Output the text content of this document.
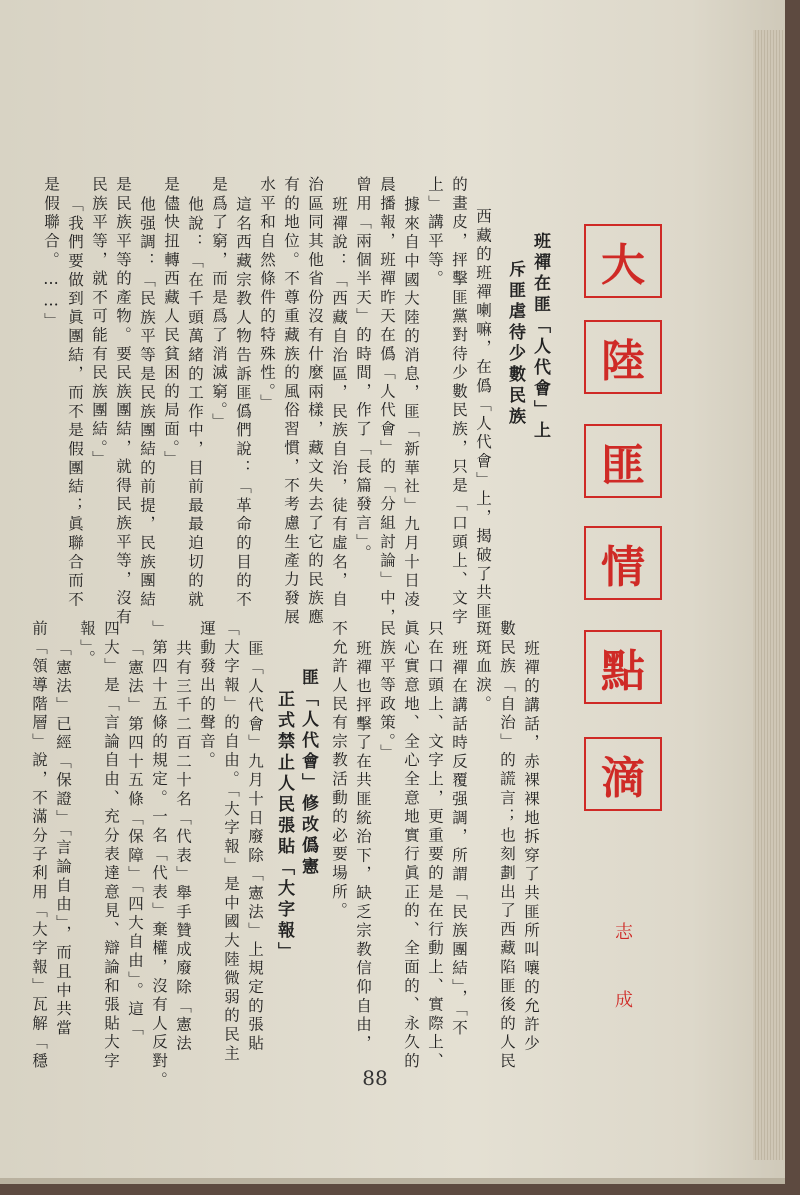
大
陸
匪
情
點
滴
志
成
班禪在匪「人代會」上
斥匪虐待少數民族
西藏的班禪喇嘛，在僞「人代會」上，揭破了共匪
的畫皮，抨擊匪黨對待少數民族，只是「口頭上、文字
上」講平等。
據來自中國大陸的消息，匪「新華社」九月十日凌
晨播報，班禪昨天在僞「人代會」的「分組討論」中，
曾用「兩個半天」的時間，作了「長篇發言」。
班禪說：「西藏自治區，民族自治，徒有虛名，自
治區同其他省份沒有什麼兩樣，藏文失去了它的民族應
有的地位。不尊重藏族的風俗習慣，不考慮生產力發展
水平和自然條件的特殊性。」
這名西藏宗教人物告訴匪僞們說：「革命的目的不
是爲了窮，而是爲了消滅窮。」
他說：「在千頭萬緒的工作中，目前最最迫切的就
是儘快扭轉西藏人民貧困的局面。」
他强調：「民族平等是民族團結的前提，民族團結
是民族平等的產物。要民族團結，就得民族平等，沒有
民族平等，就不可能有民族團結。」
「我們要做到眞團結，而不是假團結；眞聯合而不
是假聯合。……」
班禪的講話，赤裸裸地拆穿了共匪所叫嚷的允許少
數民族「自治」的謊言；也刻劃出了西藏陷匪後的人民
斑斑血淚。
班禪在講話時反覆强調，所謂「民族團結」，「不
只在口頭上、文字上，更重要的是在行動上、實際上、
眞心實意地、全心全意地實行眞正的、全面的、永久的
民族平等政策。」
班禪也抨擊了在共匪統治下，缺乏宗教信仰自由，
不允許人民有宗教活動的必要場所。
匪「人代會」修改僞憲
正式禁止人民張貼「大字報」
匪「人代會」九月十日廢除「憲法」上規定的張貼
「大字報」的自由。「大字報」是中國大陸微弱的民主
運動發出的聲音。
共有三千二百二十名「代表」舉手贊成廢除「憲法
」第四十五條的規定。一名「代表」棄權，沒有人反對。
「憲法」第四十五條「保障」「四大自由」。這「
四大」是「言論自由、充分表達意見、辯論和張貼大字
報」。
「憲法」已經「保證」「言論自由」，而且中共當
前「領導階層」說，不滿分子利用「大字報」瓦解「穩
88
